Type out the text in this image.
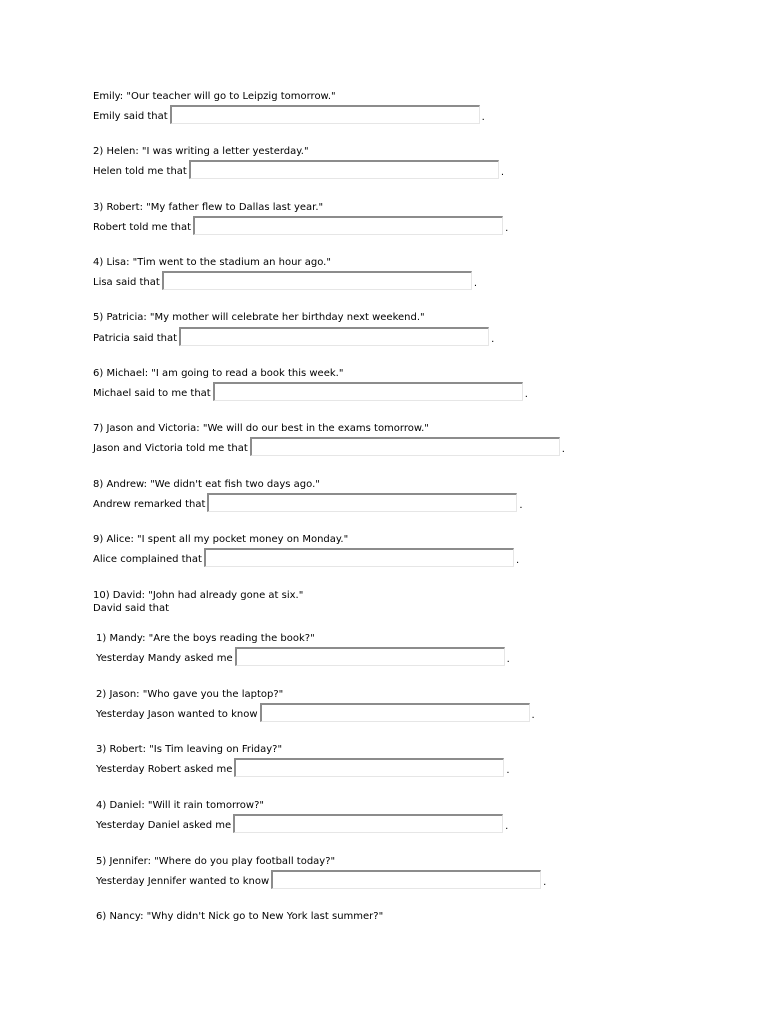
Emily: "Our teacher will go to Leipzig tomorrow."
Emily said that	.
2) Helen: "I was writing a letter yesterday."
Helen told me that	.
3) Robert: "My father flew to Dallas last year."
Robert told me that	.
4) Lisa: "Tim went to the stadium an hour ago."
Lisa said that	.
5) Patricia: "My mother will celebrate her birthday next weekend."
Patricia said that	.
6) Michael: "I am going to read a book this week."
Michael said to me that	.
7) Jason and Victoria: "We will do our best in the exams tomorrow."
Jason and Victoria told me that	.
8) Andrew: "We didn't eat fish two days ago."
Andrew remarked that	.
9) Alice: "I spent all my pocket money on Monday."
Alice complained that	.
10) David: "John had already gone at six."
David said that
1) Mandy: "Are the boys reading the book?"
Yesterday Mandy asked me	.
2) Jason: "Who gave you the laptop?"
Yesterday Jason wanted to know	.
3) Robert: "Is Tim leaving on Friday?"
Yesterday Robert asked me	.
4) Daniel: "Will it rain tomorrow?"
Yesterday Daniel asked me	.
5) Jennifer: "Where do you play football today?"
Yesterday Jennifer wanted to know	.
6) Nancy: "Why didn't Nick go to New York last summer?"
